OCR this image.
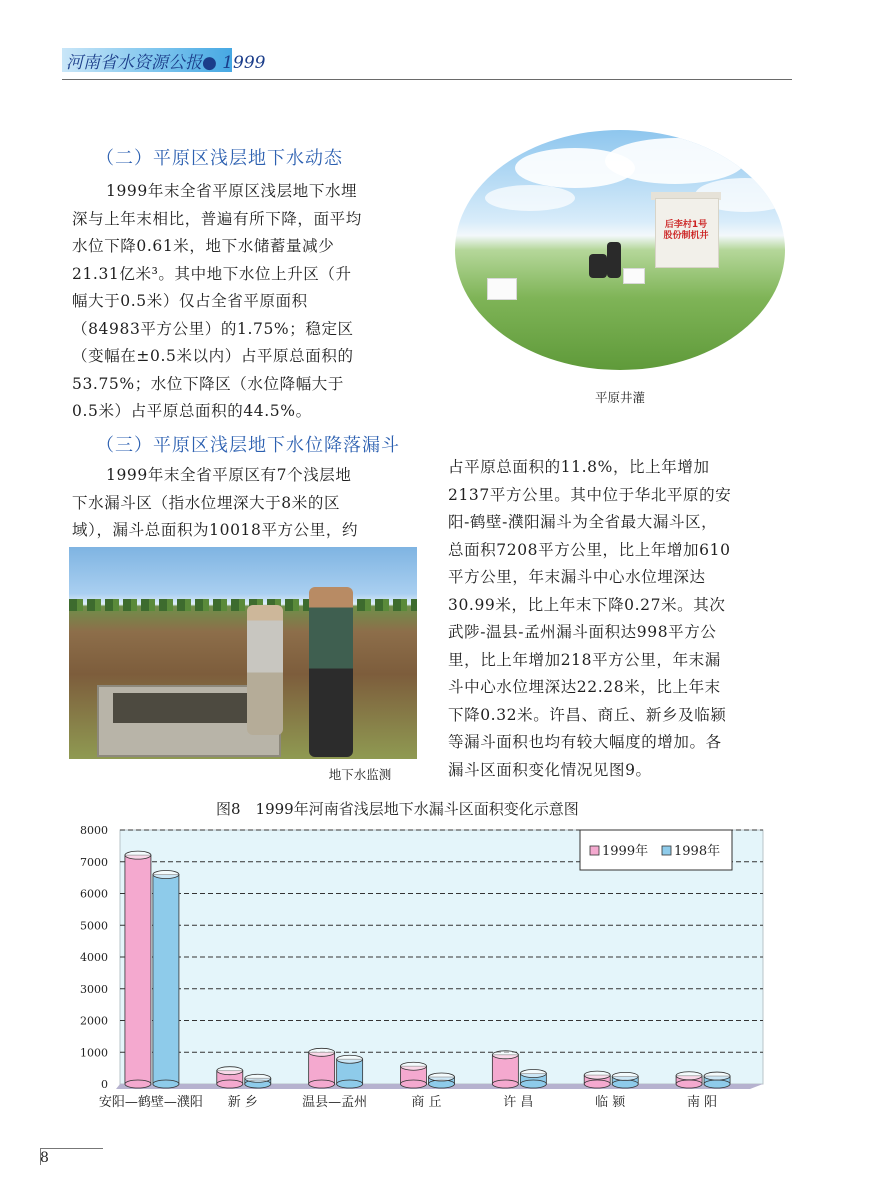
河南省水资源公报● 1999
（二）平原区浅层地下水动态
1999年末全省平原区浅层地下水埋
深与上年末相比，普遍有所下降，面平均
水位下降0.61米，地下水储蓄量减少
21.31亿米³。其中地下水位上升区（升
幅大于0.5米）仅占全省平原面积
（84983平方公里）的1.75%；稳定区
（变幅在±0.5米以内）占平原总面积的
53.75%；水位下降区（水位降幅大于
0.5米）占平原总面积的44.5%。
后李村1号
股份制机井
平原井灌
（三）平原区浅层地下水位降落漏斗
1999年末全省平原区有7个浅层地
下水漏斗区（指水位埋深大于8米的区
域），漏斗总面积为10018平方公里，约
占平原总面积的11.8%，比上年增加
2137平方公里。其中位于华北平原的安
阳-鹤壁-濮阳漏斗为全省最大漏斗区，
总面积7208平方公里，比上年增加610
平方公里，年末漏斗中心水位埋深达
30.99米，比上年末下降0.27米。其次
武陟-温县-孟州漏斗面积达998平方公
里，比上年增加218平方公里，年末漏
斗中心水位埋深达22.28米，比上年末
下降0.32米。许昌、商丘、新乡及临颍
等漏斗面积也均有较大幅度的增加。各
漏斗区面积变化情况见图9。
地下水监测
图8　1999年河南省浅层地下水漏斗区面积变化示意图
0
1000
2000
3000
4000
5000
6000
7000
8000
安阳—鹤壁—濮阳 新 乡	温县—孟州	商 丘	许 昌	临 颍	南 阳
1999年 1998年
8
